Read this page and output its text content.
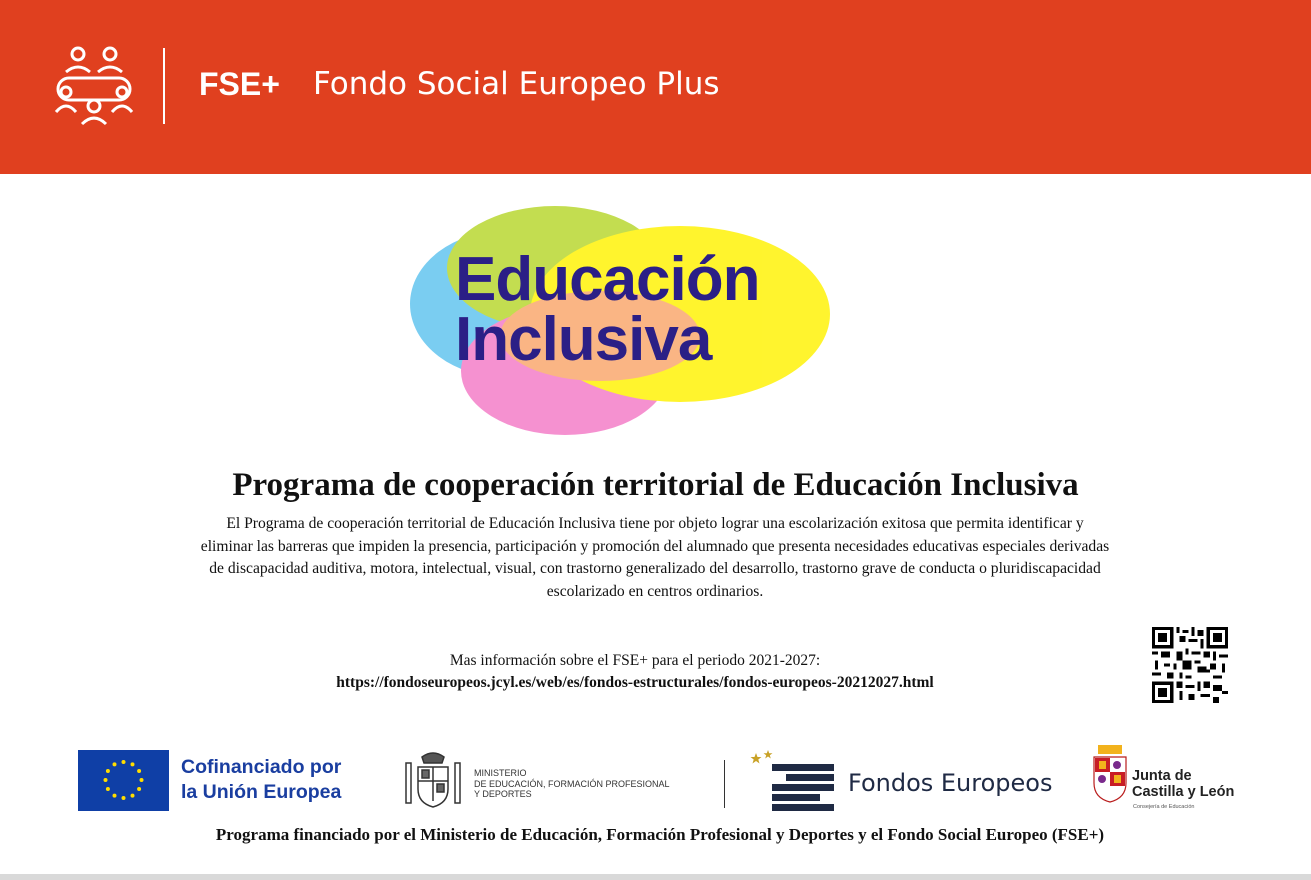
FSE+ Fondo Social Europeo Plus
Educación
Inclusiva
Programa de cooperación territorial de Educación Inclusiva
El Programa de cooperación territorial de Educación Inclusiva tiene por objeto lograr una escolarización exitosa que permita identificar y
eliminar las barreras que impiden la presencia, participación y promoción del alumnado que presenta necesidades educativas especiales derivadas
de discapacidad auditiva, motora, intelectual, visual, con trastorno generalizado del desarrollo, trastorno grave de conducta o pluridiscapacidad
escolarizado en centros ordinarios.
Mas información sobre el FSE+ para el periodo 2021-2027:
https://fondoseuropeos.jcyl.es/web/es/fondos-estructurales/fondos-europeos-20212027.html
Cofinanciado por
la Unión Europea
MINISTERIO
DE EDUCACIÓN, FORMACIÓN PROFESIONAL
Y DEPORTES	Fondos Europeos	Junta de
Castilla y León
Consejería de Educación
Programa financiado por el Ministerio de Educación, Formación Profesional y Deportes y el Fondo Social Europeo (FSE+)
